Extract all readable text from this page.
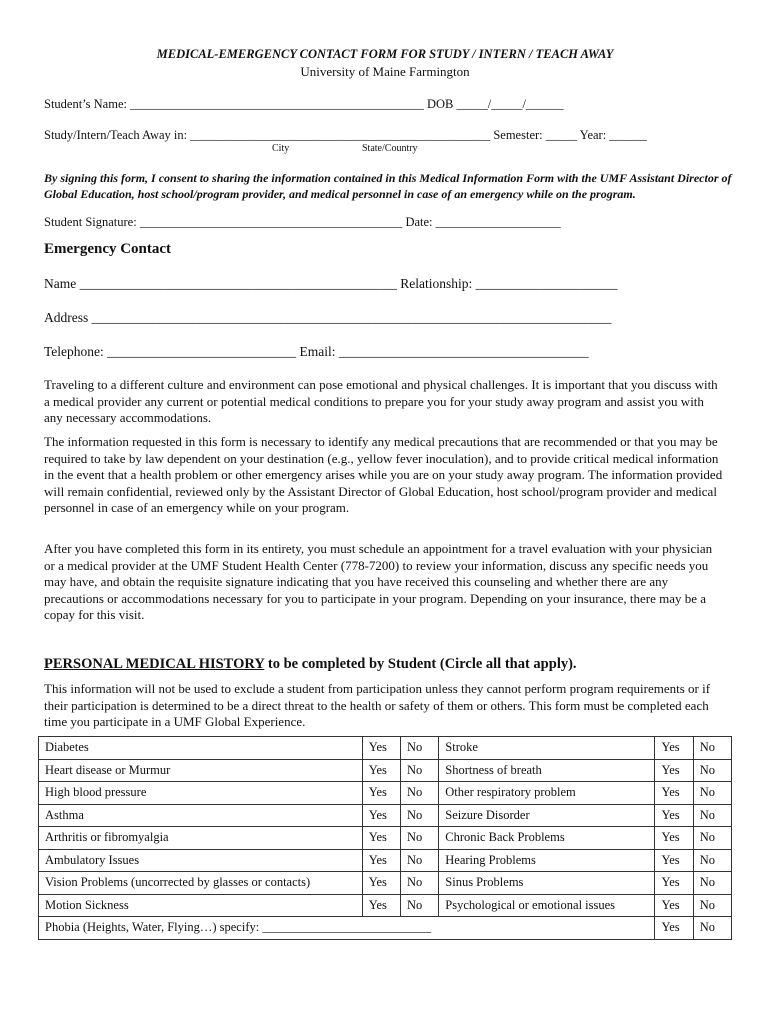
MEDICAL-EMERGENCY CONTACT FORM FOR STUDY / INTERN / TEACH AWAY
University of Maine Farmington
Student’s Name: _______________________________________________ DOB _____/_____/______
Study/Intern/Teach Away in: ________________________________________________ Semester: _____ Year: ______
City	State/Country
By signing this form, I consent to sharing the information contained in this Medical Information Form with the UMF Assistant Director of Global Education, host school/program provider, and medical personnel in case of an emergency while on the program.
Student Signature: __________________________________________ Date: ____________________
Emergency Contact
Name _______________________________________________ Relationship: _____________________
Address _____________________________________________________________________________
Telephone: ____________________________ Email: _____________________________________
Traveling to a different culture and environment can pose emotional and physical challenges. It is important that you discuss with a medical provider any current or potential medical conditions to prepare you for your study away program and assist you with any necessary accommodations.
The information requested in this form is necessary to identify any medical precautions that are recommended or that you may be required to take by law dependent on your destination (e.g., yellow fever inoculation), and to provide critical medical information in the event that a health problem or other emergency arises while you are on your study away program. The information provided will remain confidential, reviewed only by the Assistant Director of Global Education, host school/program provider and medical personnel in case of an emergency while on your program.
After you have completed this form in its entirety, you must schedule an appointment for a travel evaluation with your physician or a medical provider at the UMF Student Health Center (778-7200) to review your information, discuss any specific needs you may have, and obtain the requisite signature indicating that you have received this counseling and whether there are any precautions or accommodations necessary for you to participate in your program. Depending on your insurance, there may be a copay for this visit.
PERSONAL MEDICAL HISTORY to be completed by Student (Circle all that apply).
This information will not be used to exclude a student from participation unless they cannot perform program requirements or if their participation is determined to be a direct threat to the health or safety of them or others. This form must be completed each time you participate in a UMF Global Experience.
Diabetes	Yes	No	Stroke	Yes	No
Heart disease or Murmur	Yes	No	Shortness of breath	Yes	No
High blood pressure	Yes	No	Other respiratory problem	Yes	No
Asthma	Yes	No	Seizure Disorder	Yes	No
Arthritis or fibromyalgia	Yes	No	Chronic Back Problems	Yes	No
Ambulatory Issues	Yes	No	Hearing Problems	Yes	No
Vision Problems (uncorrected by glasses or contacts)	Yes	No	Sinus Problems	Yes	No
Motion Sickness	Yes	No	Psychological or emotional issues	Yes	No
Phobia (Heights, Water, Flying…) specify: ___________________________				Yes	No
